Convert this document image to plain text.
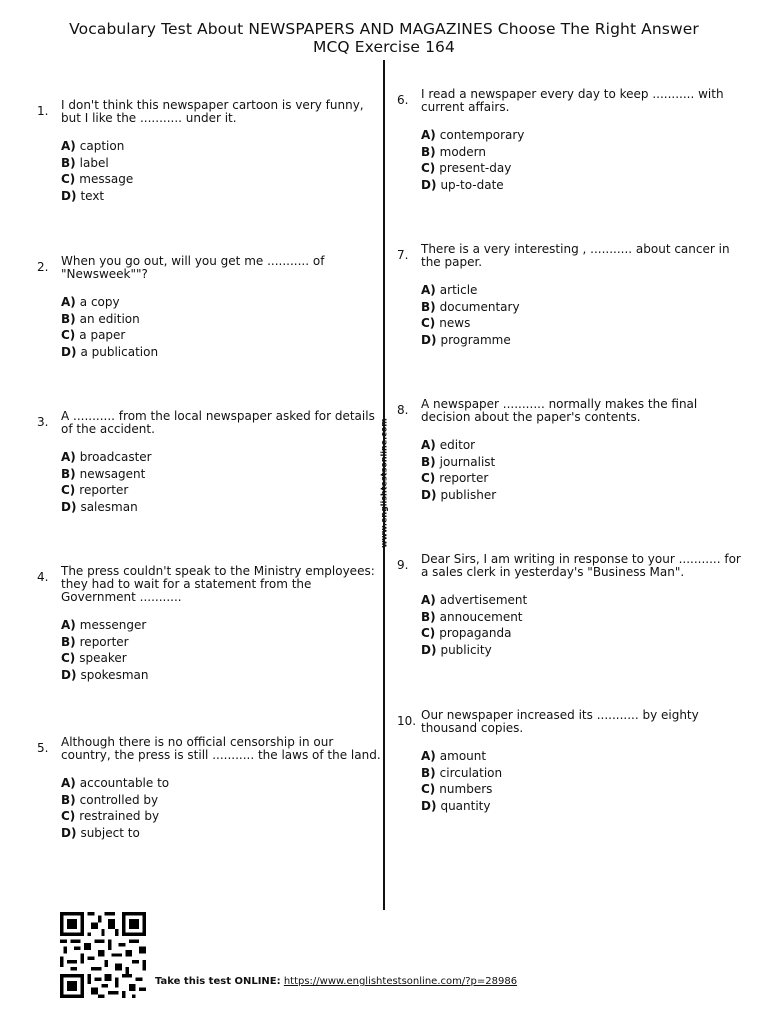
Vocabulary Test About NEWSPAPERS AND MAGAZINES Choose The Right Answer
MCQ Exercise 164
www.englishtestsonline.com
1. I don't think this newspaper cartoon is very funny,
but I like the ........... under it.
A) caption
B) label
C) message
D) text
2. When you go out, will you get me ........... of
"Newsweek""?
A) a copy
B) an edition
C) a paper
D) a publication
3. A ........... from the local newspaper asked for details
of the accident.
A) broadcaster
B) newsagent
C) reporter
D) salesman
4. The press couldn't speak to the Ministry employees:
they had to wait for a statement from the
Government ...........
A) messenger
B) reporter
C) speaker
D) spokesman
5. Although there is no official censorship in our
country, the press is still ........... the laws of the land.
A) accountable to
B) controlled by
C) restrained by
D) subject to
6. I read a newspaper every day to keep ........... with
current affairs.
A) contemporary
B) modern
C) present-day
D) up-to-date
7. There is a very interesting , ........... about cancer in
the paper.
A) article
B) documentary
C) news
D) programme
8. A newspaper ........... normally makes the final
decision about the paper's contents.
A) editor
B) journalist
C) reporter
D) publisher
9. Dear Sirs, I am writing in response to your ........... for
a sales clerk in yesterday's "Business Man".
A) advertisement
B) annoucement
C) propaganda
D) publicity
10. Our newspaper increased its ........... by eighty
thousand copies.
A) amount
B) circulation
C) numbers
D) quantity
Take this test ONLINE: https://www.englishtestsonline.com/?p=28986
